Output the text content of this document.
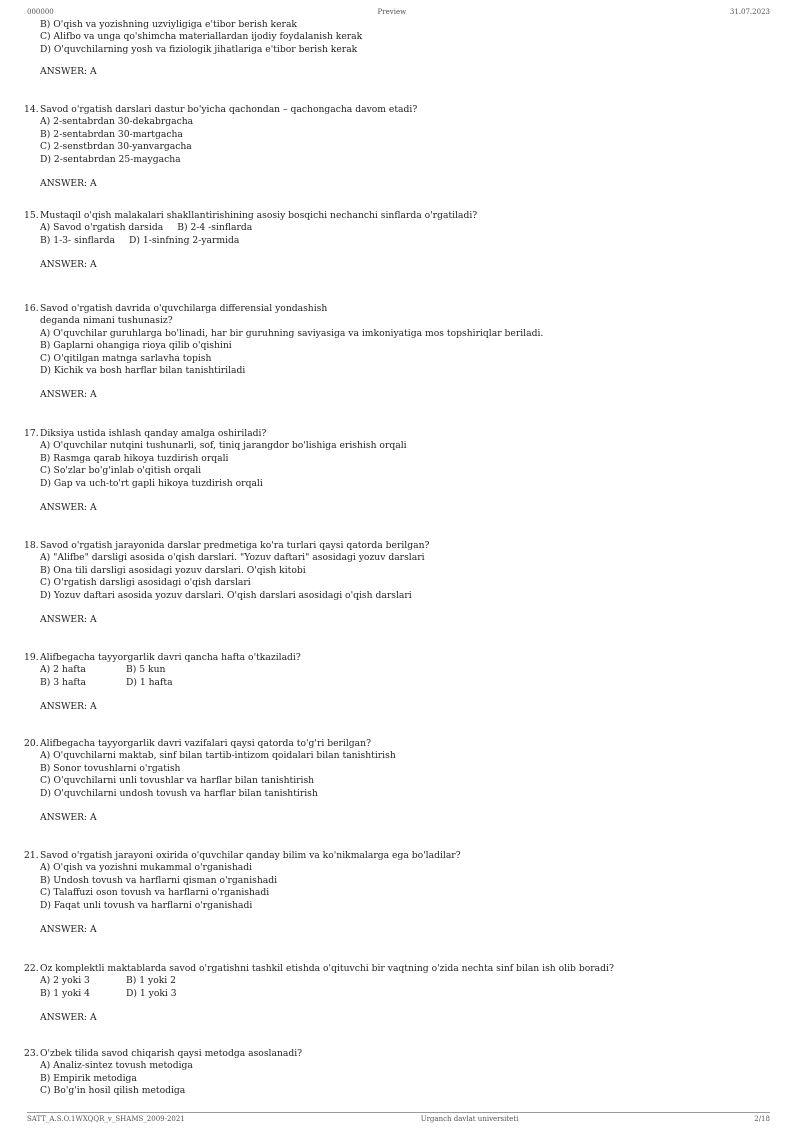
000000	Preview	31.07.2023
B) O'qish va yozishning uzviyligiga e'tibor berish kerak
C) Alifbo va unga qo'shimcha materiallardan ijodiy foydalanish kerak
D) O'quvchilarning yosh va fiziologik jihatlariga e'tibor berish kerak
ANSWER: A
14. Savod o'rgatish darslari dastur bo'yicha qachondan – qachongacha davom etadi?
A) 2-sentabrdan 30-dekabrgacha
B) 2-sentabrdan 30-martgacha
C) 2-senstbrdan 30-yanvargacha
D) 2-sentabrdan 25-maygacha
ANSWER: A
15. Mustaqil o'qish malakalari shakllantirishining asosiy bosqichi nechanchi sinflarda o'rgatiladi?
A) Savod o'rgatish darsida B) 2-4 -sinflarda
B) 1-3- sinflarda D) 1-sinfning 2-yarmida
ANSWER: A
16. Savod o'rgatish davrida o'quvchilarga differensial yondashish
deganda nimani tushunasiz?
A) O'quvchilar guruhlarga bo'linadi, har bir guruhning saviyasiga va imkoniyatiga mos topshiriqlar beriladi.
B) Gaplarni ohangiga rioya qilib o'qishini
C) O'qitilgan matnga sarlavha topish
D) Kichik va bosh harflar bilan tanishtiriladi
ANSWER: A
17. Diksiya ustida ishlash qanday amalga oshiriladi?
A) O'quvchilar nutqini tushunarli, sof, tiniq jarangdor bo'lishiga erishish orqali
B) Rasmga qarab hikoya tuzdirish orqali
C) So'zlar bo'g'inlab o'qitish orqali
D) Gap va uch-to'rt gapli hikoya tuzdirish orqali
ANSWER: A
18. Savod o'rgatish jarayonida darslar predmetiga ko'ra turlari qaysi qatorda berilgan?
A) "Alifbe" darsligi asosida o'qish darslari. "Yozuv daftari" asosidagi yozuv darslari
B) Ona tili darsligi asosidagi yozuv darslari. O'qish kitobi
C) O'rgatish darsligi asosidagi o'qish darslari
D) Yozuv daftari asosida yozuv darslari. O'qish darslari asosidagi o'qish darslari
ANSWER: A
19. Alifbegacha tayyorgarlik davri qancha hafta o'tkaziladi?
A) 2 hafta	B) 5 kun
B) 3 hafta	D) 1 hafta
ANSWER: A
20. Alifbegacha tayyorgarlik davri vazifalari qaysi qatorda to'g'ri berilgan?
A) O'quvchilarni maktab, sinf bilan tartib-intizom qoidalari bilan tanishtirish
B) Sonor tovushlarni o'rgatish
C) O'quvchilarni unli tovushlar va harflar bilan tanishtirish
D) O'quvchilarni undosh tovush va harflar bilan tanishtirish
ANSWER: A
21. Savod o'rgatish jarayoni oxirida o'quvchilar qanday bilim va ko'nikmalarga ega bo'ladilar?
A) O'qish va yozishni mukammal o'rganishadi
B) Undosh tovush va harflarni qisman o'rganishadi
C) Talaffuzi oson tovush va harflarni o'rganishadi
D) Faqat unli tovush va harflarni o'rganishadi
ANSWER: A
22. Oz komplektli maktablarda savod o'rgatishni tashkil etishda o'qituvchi bir vaqtning o'zida nechta sinf bilan ish olib boradi?
A) 2 yoki 3	B) 1 yoki 2
B) 1 yoki 4	D) 1 yoki 3
ANSWER: A
23. O'zbek tilida savod chiqarish qaysi metodga asoslanadi?
A) Analiz-sintez tovush metodiga
B) Empirik metodiga
C) Bo'g'in hosil qilish metodiga
SATT_A.S.O.1WXQQR_v_SHAMS_2009-2021	Urganch davlat universiteti	2/18
